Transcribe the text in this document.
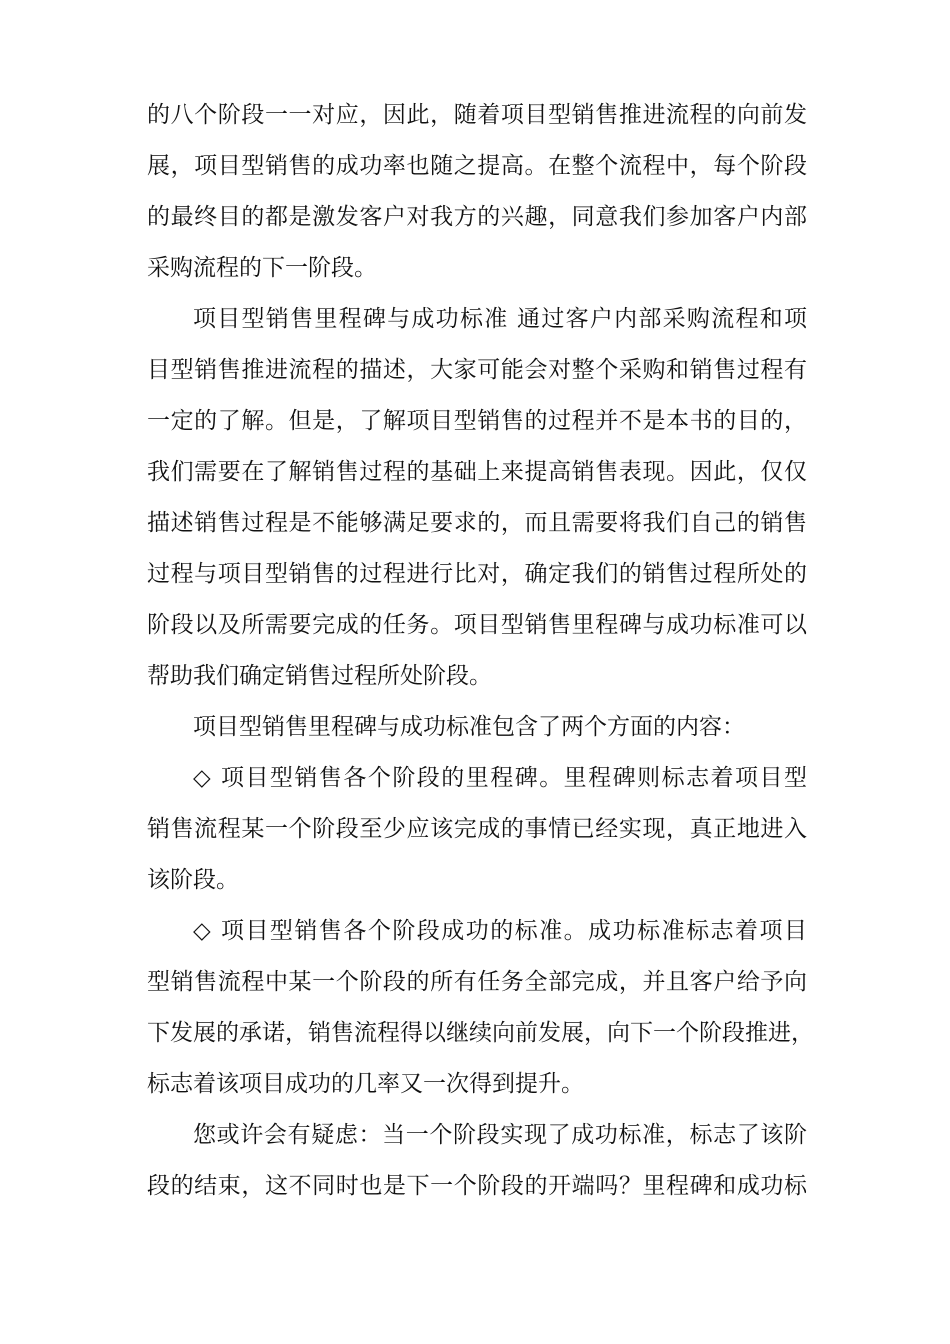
的八个阶段一一对应，因此，随着项目型销售推进流程的向前发
展，项目型销售的成功率也随之提高。在整个流程中，每个阶段
的最终目的都是激发客户对我方的兴趣，同意我们参加客户内部
采购流程的下一阶段。
项目型销售里程碑与成功标准 通过客户内部采购流程和项
目型销售推进流程的描述，大家可能会对整个采购和销售过程有
一定的了解。但是，了解项目型销售的过程并不是本书的目的，
我们需要在了解销售过程的基础上来提高销售表现。因此，仅仅
描述销售过程是不能够满足要求的，而且需要将我们自己的销售
过程与项目型销售的过程进行比对，确定我们的销售过程所处的
阶段以及所需要完成的任务。项目型销售里程碑与成功标准可以
帮助我们确定销售过程所处阶段。
项目型销售里程碑与成功标准包含了两个方面的内容：
◇ 项目型销售各个阶段的里程碑。里程碑则标志着项目型
销售流程某一个阶段至少应该完成的事情已经实现，真正地进入
该阶段。
◇ 项目型销售各个阶段成功的标准。成功标准标志着项目
型销售流程中某一个阶段的所有任务全部完成，并且客户给予向
下发展的承诺，销售流程得以继续向前发展，向下一个阶段推进，
标志着该项目成功的几率又一次得到提升。
您或许会有疑虑：当一个阶段实现了成功标准，标志了该阶
段的结束，这不同时也是下一个阶段的开端吗？里程碑和成功标
